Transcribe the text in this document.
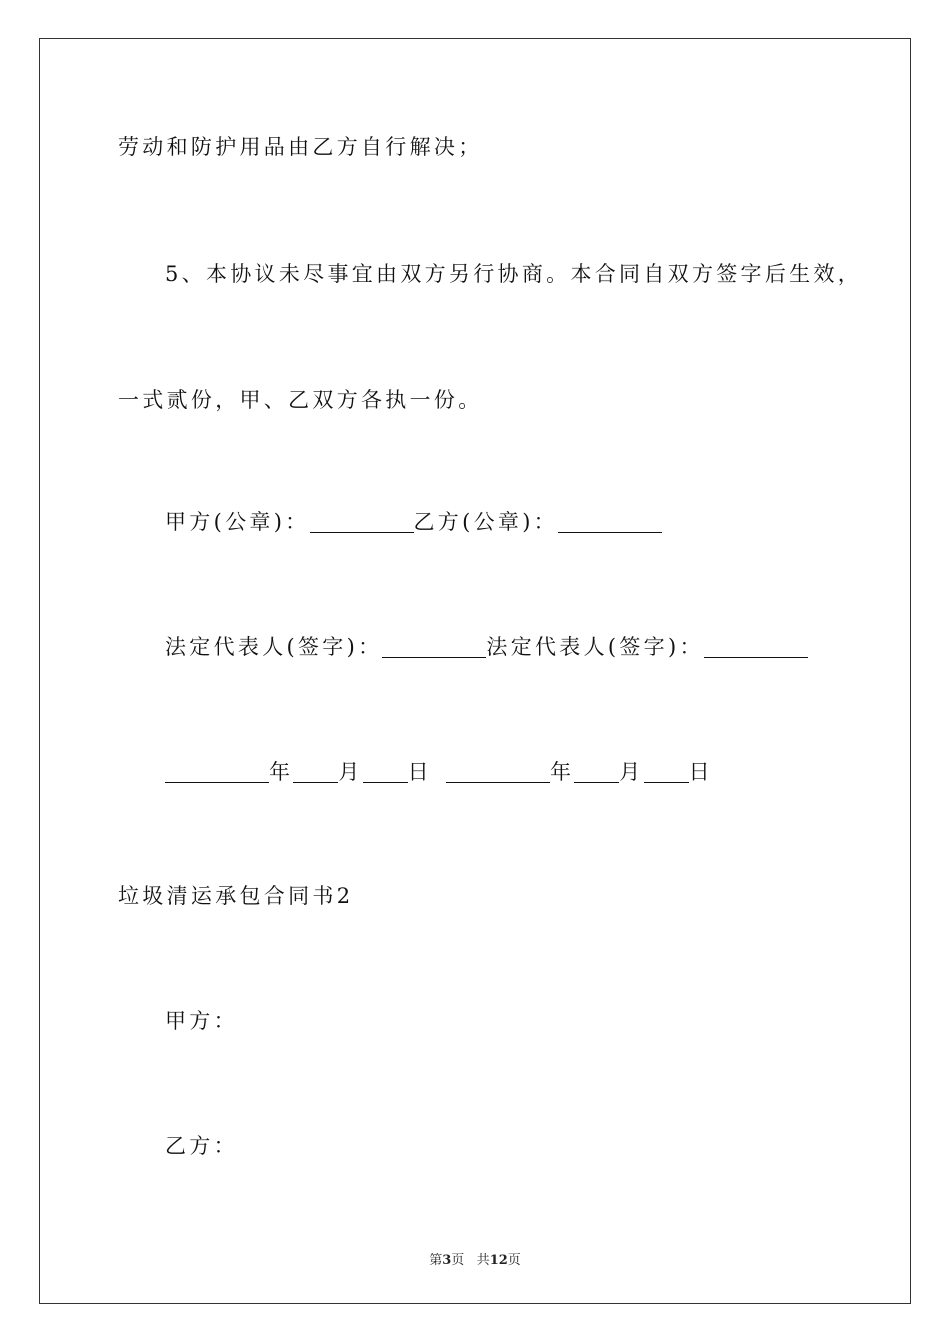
劳动和防护用品由乙方自行解决；
5、本协议未尽事宜由双方另行协商。本合同自双方签字后生效，
一式贰份，甲、乙双方各执一份。
甲方(公章)：	乙方(公章)：
法定代表人(签字)：	法定代表人(签字)：
年 月 日	年 月 日
垃圾清运承包合同书2
甲方：
乙方：
第3页 共12页
